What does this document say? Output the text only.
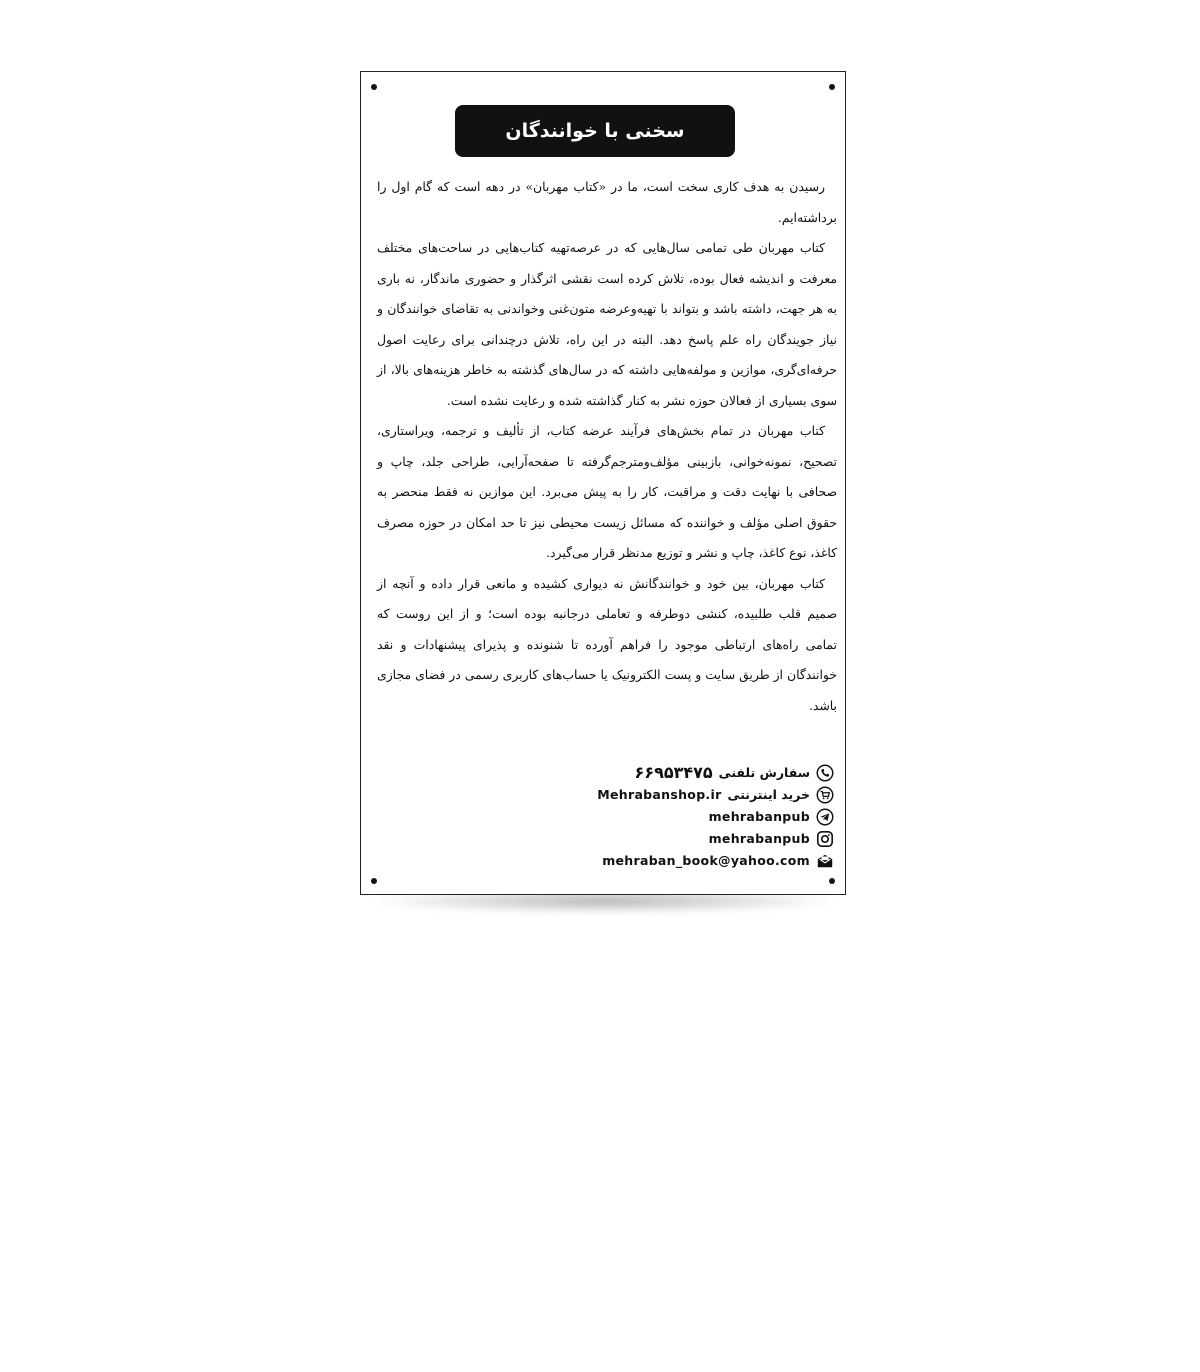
سخنی با خوانندگان

رسیدن به هدف کاری سخت است، ما در «کتاب مهربان» در دهه است که گام اول را برداشته‌ایم.

کتاب مهربان طی تمامی سال‌هایی که در عرصه‌تهیه کتاب‌هایی در ساحت‌های مختلف معرفت و اندیشه فعال بوده، تلاش کرده است نقشی اثرگذار و حضوری ماندگار، نه باری به هر جهت، داشته باشد و بتواند با تهیه‌وعرضه متون‌غنی و‌خواندنی به تقاضای خوانندگان و نیاز جویندگان راه علم پاسخ دهد. البته در این راه، تلاش درچندانی برای رعایت اصول حرفه‌ای‌گری، موازین و مولفه‌هایی داشته که در سال‌های گذشته به خاطر هزینه‌های بالا، از سوی بسیاری از فعالان حوزه نشر به کنار گذاشته شده و رعایت نشده است.

کتاب مهربان در تمام بخش‌های فرآیند عرضه کتاب، از تألیف و ترجمه، ویراستاری، تصحیح، نمونه‌خوانی، بازبینی مؤلف‌ومترجم‌گرفته تا صفحه‌آرایی، طراحی جلد، چاپ و صحافی با نهایت دقت و مراقبت، کار را به پیش می‌برد. این موازین نه فقط منحصر به حقوق اصلی مؤلف و خواننده که مسائل زیست محیطی نیز تا حد امکان در حوزه مصرف کاغذ، نوع کاغذ، چاپ و نشر و توزیع مدنظر قرار می‌گیرد.

کتاب مهربان، بین خود و خوانندگانش نه دیواری کشیده و مانعی قرار داده و آنچه از صمیم قلب طلبیده، کنشی دوطرفه و تعاملی درجانبه بوده است؛ و از این روست که تمامی راه‌های ارتباطی موجود را فراهم آورده تا شنونده و پذیرای پیشنهادات و نقد خوانندگان از طریق سایت و پست الکترونیک یا حساب‌های کاربری رسمی در فضای مجازی باشد.

سفارش تلفنی
۶۶۹۵۳۴۷۵
خرید اینترنتی
Mehrabanshop.ir
mehrabanpub
mehrabanpub
mehraban_book@yahoo.com
